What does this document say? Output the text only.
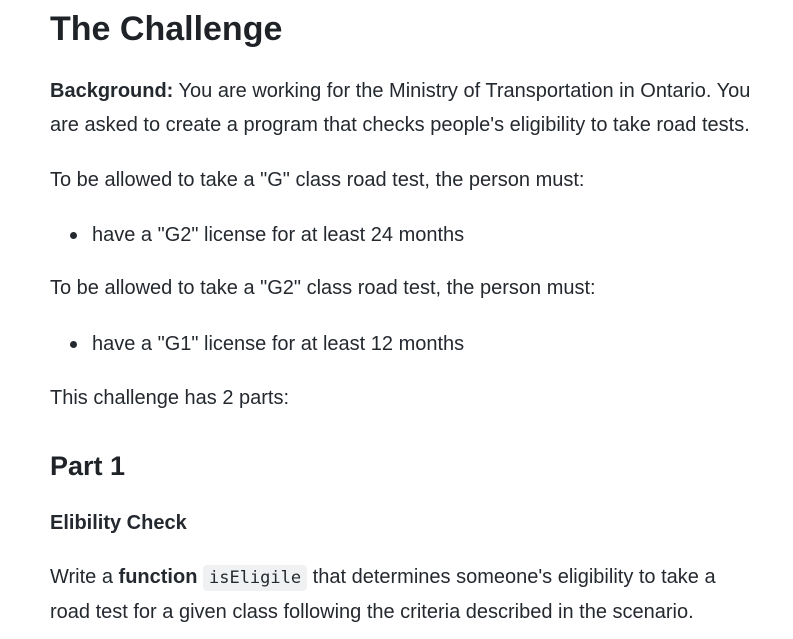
The Challenge
Background: You are working for the Ministry of Transportation in Ontario. You
are asked to create a program that checks people's eligibility to take road tests.
To be allowed to take a "G" class road test, the person must:
have a "G2" license for at least 24 months
To be allowed to take a "G2" class road test, the person must:
have a "G1" license for at least 12 months
This challenge has 2 parts:
Part 1
Elibility Check
Write a function isEligile that determines someone's eligibility to take a
road test for a given class following the criteria described in the scenario.
